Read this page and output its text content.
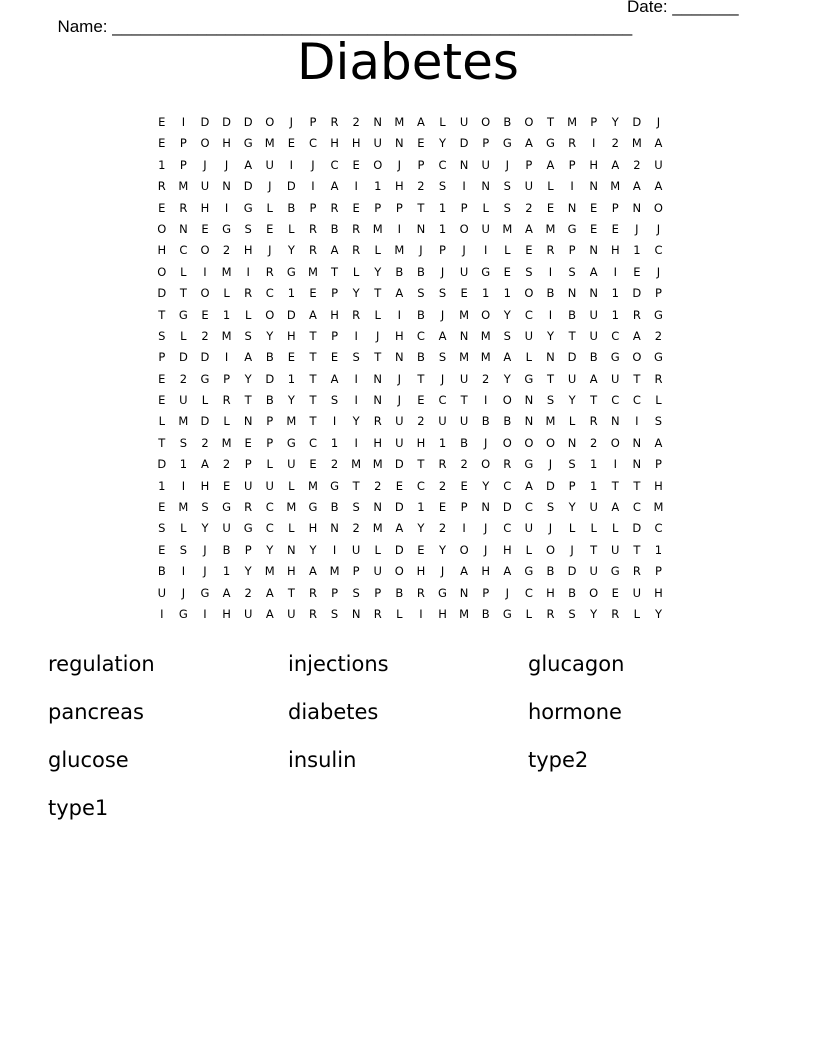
Name: _______________________________________________________

Date: _______

Diabetes
E	I	D	D	D	O	J	P	R	2	N	M	A	L	U	O	B	O	T	M	P	Y	D	J
E	P	O	H	G	M	E	C	H	H	U	N	E	Y	D	P	G	A	G	R	I	2	M	A
1	P	J	J	A	U	I	J	C	E	O	J	P	C	N	U	J	P	A	P	H	A	2	U
R	M	U	N	D	J	D	I	A	I	1	H	2	S	I	N	S	U	L	I	N	M	A	A
E	R	H	I	G	L	B	P	R	E	P	P	T	1	P	L	S	2	E	N	E	P	N	O
O	N	E	G	S	E	L	R	B	R	M	I	N	1	O	U	M	A	M	G	E	E	J	J
H	C	O	2	H	J	Y	R	A	R	L	M	J	P	J	I	L	E	R	P	N	H	1	C
O	L	I	M	I	R	G	M	T	L	Y	B	B	J	U	G	E	S	I	S	A	I	E	J
D	T	O	L	R	C	1	E	P	Y	T	A	S	S	E	1	1	O	B	N	N	1	D	P
T	G	E	1	L	O	D	A	H	R	L	I	B	J	M	O	Y	C	I	B	U	1	R	G
S	L	2	M	S	Y	H	T	P	I	J	H	C	A	N	M	S	U	Y	T	U	C	A	2
P	D	D	I	A	B	E	T	E	S	T	N	B	S	M	M	A	L	N	D	B	G	O	G
E	2	G	P	Y	D	1	T	A	I	N	J	T	J	U	2	Y	G	T	U	A	U	T	R
E	U	L	R	T	B	Y	T	S	I	N	J	E	C	T	I	O	N	S	Y	T	C	C	L
L	M	D	L	N	P	M	T	I	Y	R	U	2	U	U	B	B	N	M	L	R	N	I	S
T	S	2	M	E	P	G	C	1	I	H	U	H	1	B	J	O	O	O	N	2	O	N	A
D	1	A	2	P	L	U	E	2	M	M	D	T	R	2	O	R	G	J	S	1	I	N	P
1	I	H	E	U	U	L	M	G	T	2	E	C	2	E	Y	C	A	D	P	1	T	T	H
E	M	S	G	R	C	M	G	B	S	N	D	1	E	P	N	D	C	S	Y	U	A	C	M
S	L	Y	U	G	C	L	H	N	2	M	A	Y	2	I	J	C	U	J	L	L	L	D	C
E	S	J	B	P	Y	N	Y	I	U	L	D	E	Y	O	J	H	L	O	J	T	U	T	1
B	I	J	1	Y	M	H	A	M	P	U	O	H	J	A	H	A	G	B	D	U	G	R	P
U	J	G	A	2	A	T	R	P	S	P	B	R	G	N	P	J	C	H	B	O	E	U	H
I	G	I	H	U	A	U	R	S	N	R	L	I	H	M	B	G	L	R	S	Y	R	L	Y
regulation	injections	glucagon
pancreas	diabetes	hormone
glucose	insulin	type2
type1
